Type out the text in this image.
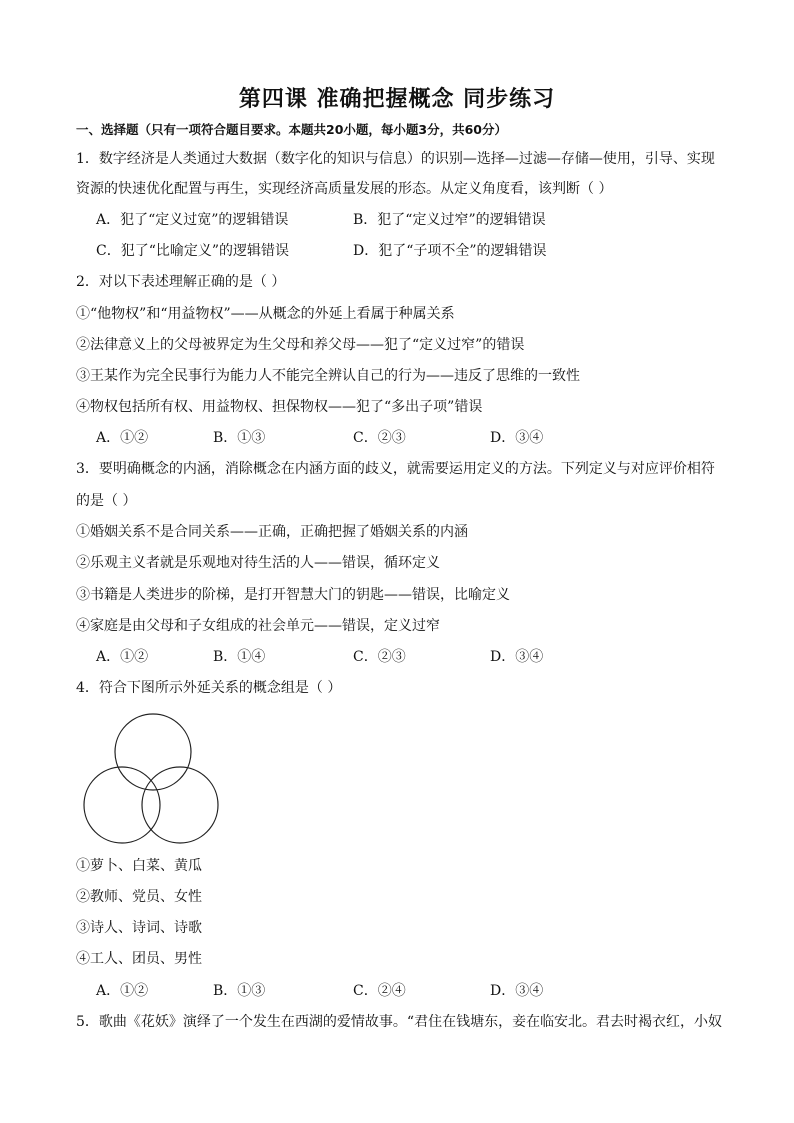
第四课 准确把握概念 同步练习
一、选择题（只有一项符合题目要求。本题共20小题，每小题3分，共60分）
1．数字经济是人类通过大数据（数字化的知识与信息）的识别—选择—过滤—存储—使用，引导、实现
资源的快速优化配置与再生，实现经济高质量发展的形态。从定义角度看，该判断（ ）
A．犯了“定义过宽”的逻辑错误	B．犯了“定义过窄”的逻辑错误
C．犯了“比喻定义”的逻辑错误	D．犯了“子项不全”的逻辑错误
2．对以下表述理解正确的是（ ）
①“他物权”和“用益物权”——从概念的外延上看属于种属关系
②法律意义上的父母被界定为生父母和养父母——犯了“定义过窄”的错误
③王某作为完全民事行为能力人不能完全辨认自己的行为——违反了思维的一致性
④物权包括所有权、用益物权、担保物权——犯了“多出子项”错误
A．①②	B．①③	C．②③	D．③④
3．要明确概念的内涵，消除概念在内涵方面的歧义，就需要运用定义的方法。下列定义与对应评价相符
的是（ ）
①婚姻关系不是合同关系——正确，正确把握了婚姻关系的内涵
②乐观主义者就是乐观地对待生活的人——错误，循环定义
③书籍是人类进步的阶梯，是打开智慧大门的钥匙——错误，比喻定义
④家庭是由父母和子女组成的社会单元——错误，定义过窄
A．①②	B．①④	C．②③	D．③④
4．符合下图所示外延关系的概念组是（ ）
①萝卜、白菜、黄瓜
②教师、党员、女性
③诗人、诗词、诗歌
④工人、团员、男性
A．①②	B．①③	C．②④	D．③④
5．歌曲《花妖》演绎了一个发生在西湖的爱情故事。“君住在钱塘东，妾在临安北。君去时褐衣红，小奴
